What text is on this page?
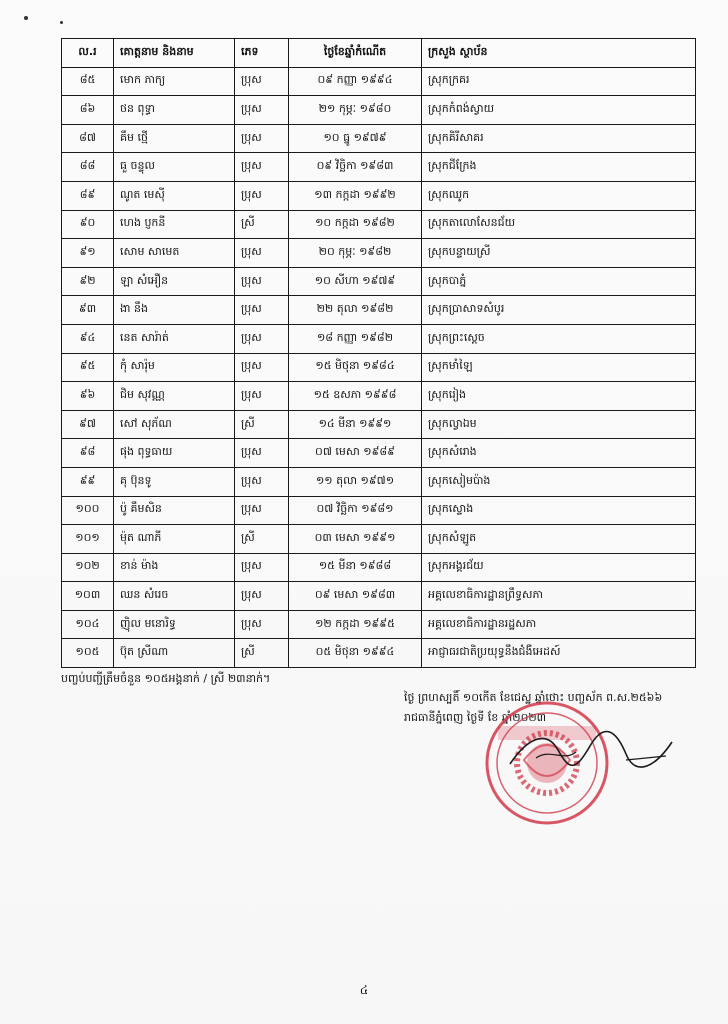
ល.រ	គោត្តនាម និងនាម	ភេទ	ថ្ងៃខែឆ្នាំកំណើត	ក្រសួង ស្ថាប័ន
៨៥	មោក ភាក្យ	ប្រុស	០៩ កញ្ញា ១៩៩៤	ស្រុកក្រគរ
៨៦	ថន ពុទ្ធា	ប្រុស	២១ កុម្ភៈ ១៩៨០	ស្រុកកំពង់ស្វាយ
៨៧	គឹម ថ្មើ	ប្រុស	១០ ធ្នូ ១៩៧៩	ស្រុកគិរីសាគរ
៨៨	ធួ ចន្ទុល	ប្រុស	០៩ វិច្ឆិកា ១៩៨៣	ស្រុកជីក្រែង
៨៩	ណូត មេស៊ី	ប្រុស	១៣ កក្កដា ១៩៩២	ស្រុកឈូក
៩០	ហេង ប្ញកនី	ស្រី	១០ កក្កដា ១៩៨២	ស្រុកតាលោសែនជ័យ
៩១	សោម សាមេត	ប្រុស	២០ កុម្ភៈ ១៩៨២	ស្រុកបន្ទាយស្រី
៩២	ឡា សំអឿន	ប្រុស	១០ សីហា ១៩៧៩	ស្រុកបាភ្នំ
៩៣	ងា នឹង	ប្រុស	២២ តុលា ១៩៨២	ស្រុកប្រាសាទសំបូរ
៩៤	នេត សារ៉ាត់	ប្រុស	១៨ កញ្ញា ១៩៨២	ស្រុកព្រះស្ដេច
៩៥	កុំ សារ៉ុម	ប្រុស	១៥ មិថុនា ១៩៨៤	ស្រុកមាំឡៃ
៩៦	ជិម សុវណ្ណ	ប្រុស	១៥ ឧសភា ១៩៩៨	ស្រុករៀង
៩៧	សៅ សុភ័ណ	ស្រី	១៤ មីនា ១៩៩១	ស្រុកល្វាឯម
៩៨	ផុង ពុទ្ធធាយ	ប្រុស	០៧ មេសា ១៩៨៩	ស្រុកសំរោង
៩៩	គុ ប៊ុនទូ	ប្រុស	១១ តុលា ១៩៧១	ស្រុកសៀមប៉ាង
១០០	ប៉ូ គឹមសិន	ប្រុស	០៧ វិច្ឆិកា ១៩៨១	ស្រុកស្ទោង
១០១	ម៉ុត ណាភី	ស្រី	០៣ មេសា ១៩៩១	ស្រុកសំឡូត
១០២	ខាន់ ម៉ាង	ប្រុស	១៥ មីនា ១៩៨៨	ស្រុកអង្គរជ័យ
១០៣	ឈន សំរេច	ប្រុស	០៩ មេសា ១៩៨៣	អគ្គលេខាធិការដ្ឋានព្រឹទ្ធសភា
១០៤	ញ៉ិល មនោរិទ្ធ	ប្រុស	១២ កក្កដា ១៩៩៥	អគ្គលេខាធិការដ្ឋានរដ្ឋសភា
១០៥	ប៊ុត ស្រីណា	ស្រី	០៥ មិថុនា ១៩៩៤	អាជ្ញាធរជាតិប្រយុទ្ធនឹងជំងឺអេដស៍
បញ្ចប់បញ្ជីត្រឹមចំនួន ១០៥អង្គនាក់ / ស្រី ២៣នាក់។
ថ្ងៃ ព្រហស្បតិ៍ ១០កើត ខែជេស្ឋ ឆ្នាំថោះ បញ្ចស័ក ព.ស.២៥៦៦
រាជធានីភ្នំពេញ ថ្ងៃទី ខែ ឆ្នាំ២០២៣
៤
